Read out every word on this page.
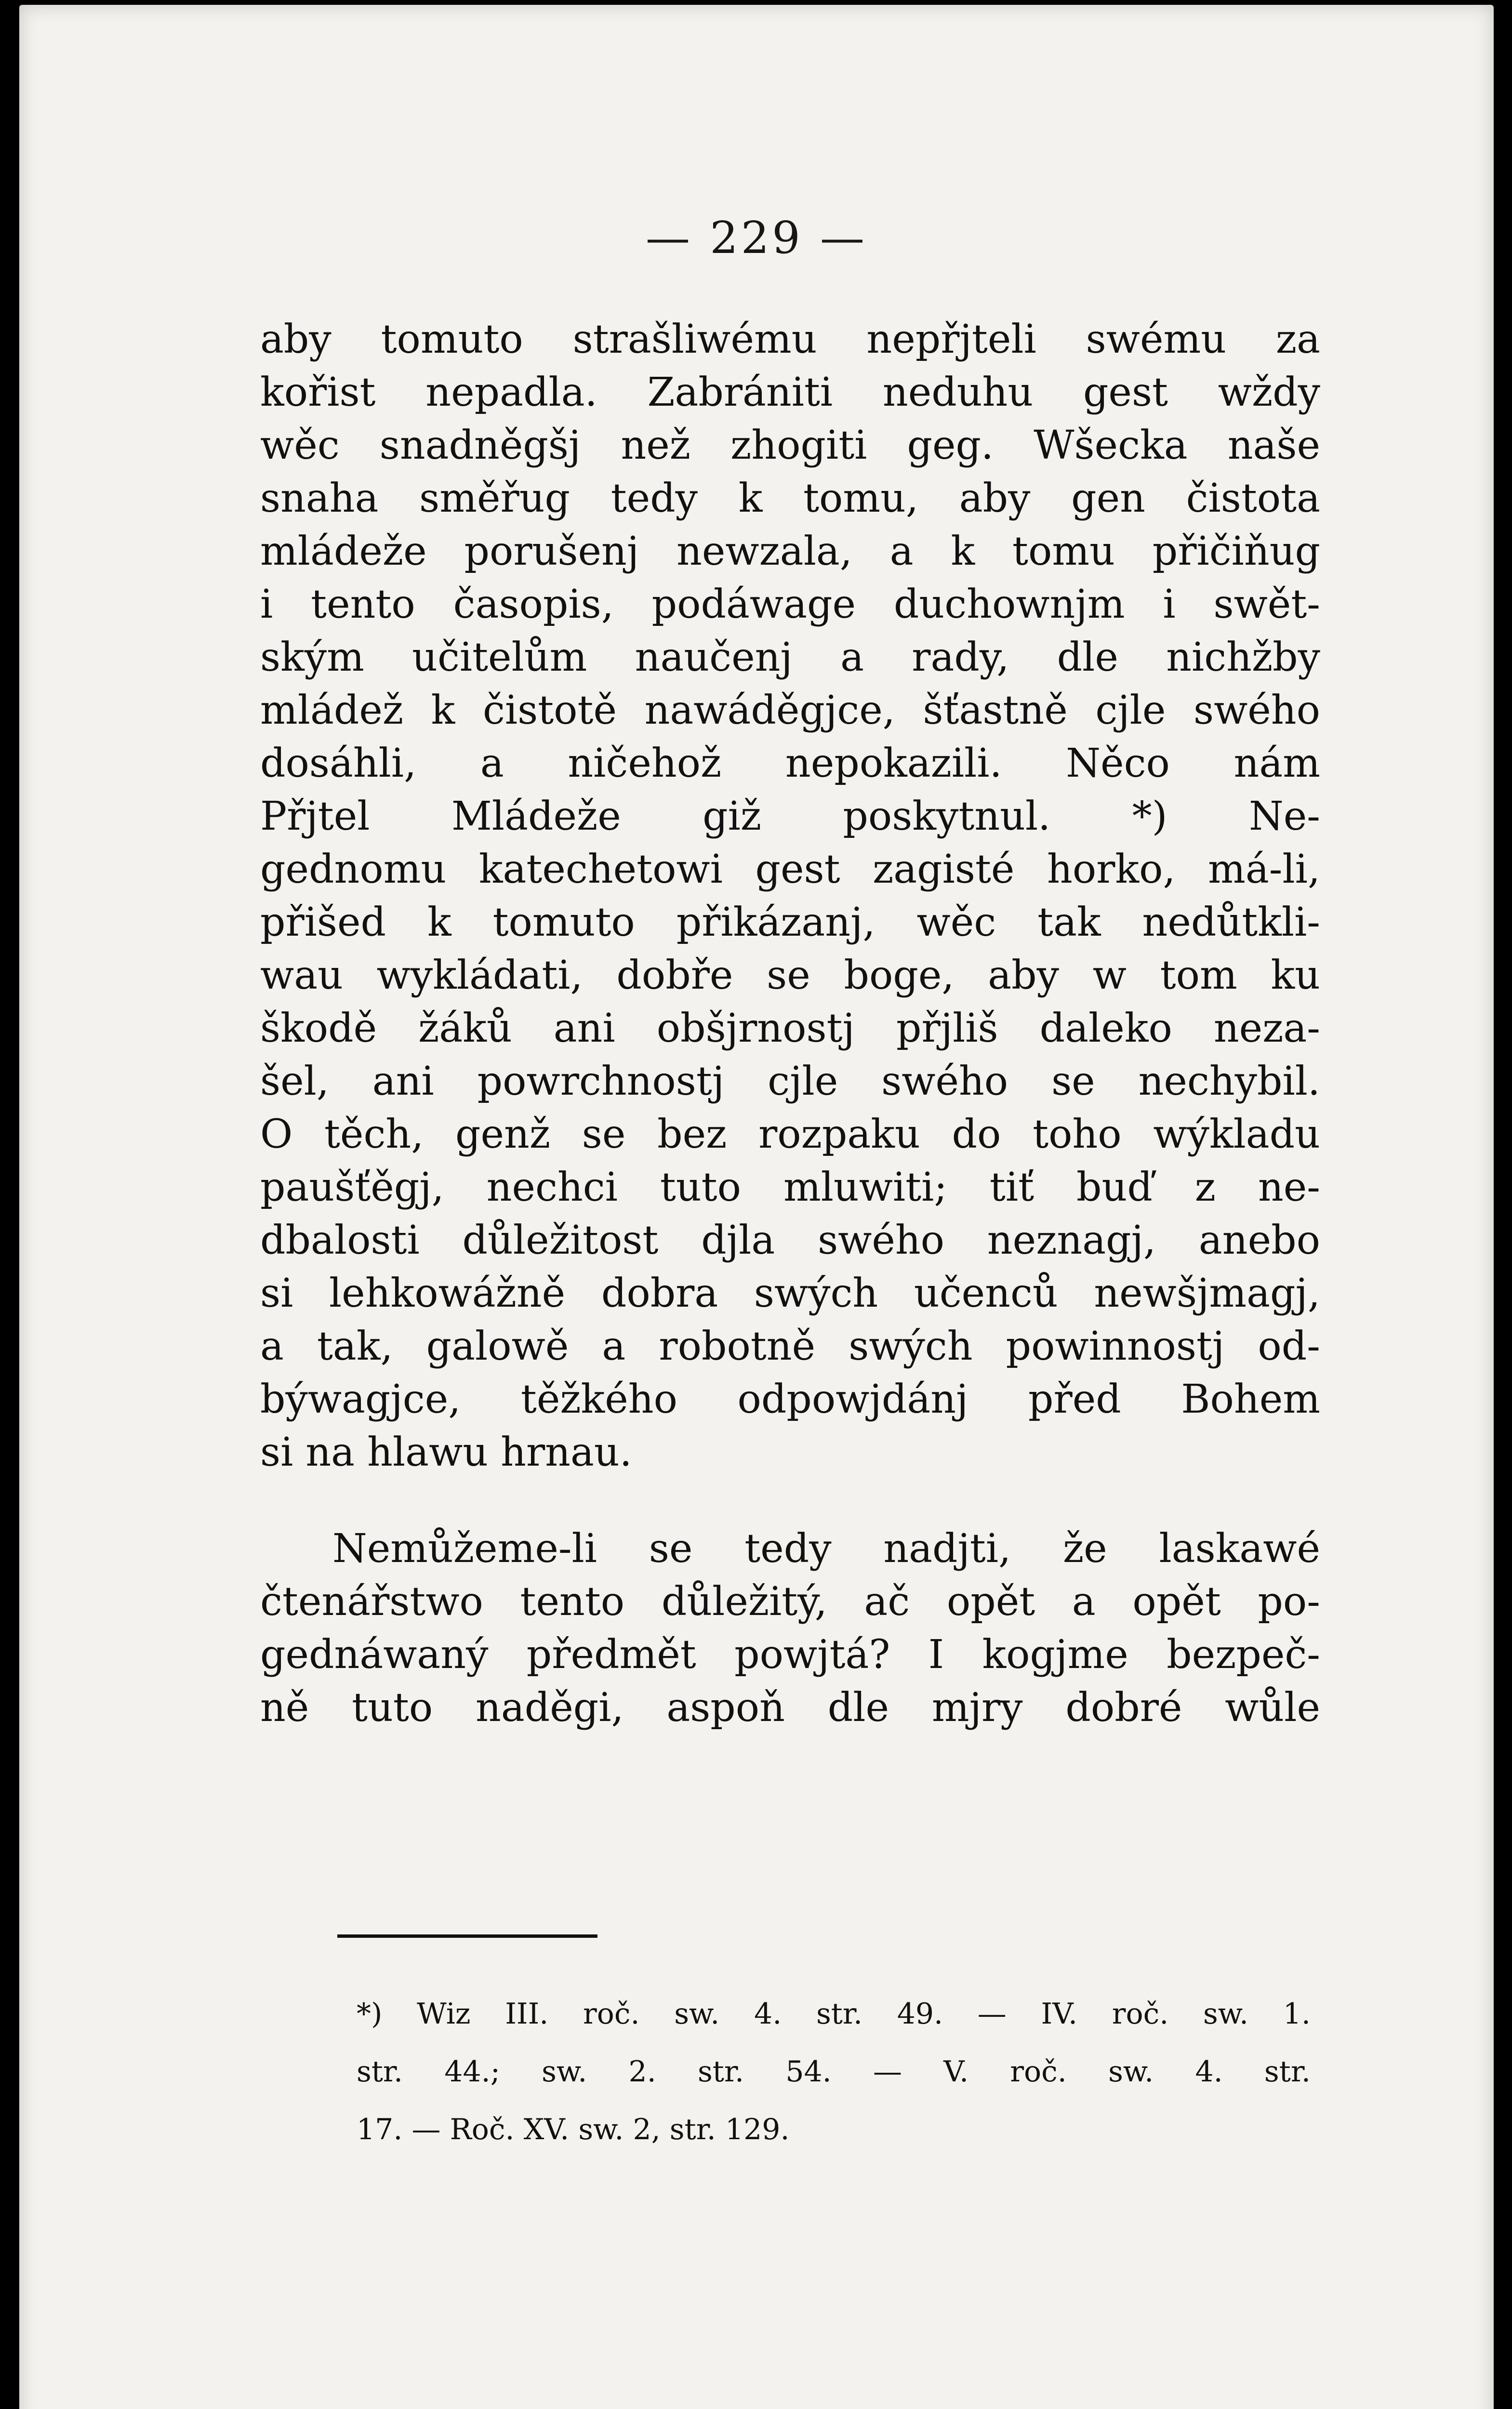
— 229 —
aby tomuto strašliwému nepřjteli swému za
kořist nepadla. Zabrániti neduhu gest wždy
wěc snadněgšj než zhogiti geg. Wšecka naše
snaha směřug tedy k tomu, aby gen čistota
mládeže porušenj newzala, a k tomu přičiňug
i tento časopis, podáwage duchownjm i swět-
ským učitelům naučenj a rady, dle nichžby
mládež k čistotě nawáděgjce, šťastně cjle swého
dosáhli, a ničehož nepokazili. Něco nám
Přjtel Mládeže giž poskytnul. *) Ne-
gednomu katechetowi gest zagisté horko, má-li,
přišed k tomuto přikázanj, wěc tak nedůtkli-
wau wykládati, dobře se boge, aby w tom ku
škodě žáků ani obšjrnostj přjliš daleko neza-
šel, ani powrchnostj cjle swého se nechybil.
O těch, genž se bez rozpaku do toho wýkladu
paušťěgj, nechci tuto mluwiti; tiť buď z ne-
dbalosti důležitost djla swého neznagj, anebo
si lehkowážně dobra swých učenců newšjmagj,
a tak, galowě a robotně swých powinnostj od-
býwagjce, těžkého odpowjdánj před Bohem
si na hlawu hrnau.
Nemůžeme-li se tedy nadjti, že laskawé
čtenářstwo tento důležitý, ač opět a opět po-
gednáwaný předmět powjtá? I kogjme bezpeč-
ně tuto naděgi, aspoň dle mjry dobré wůle
*) Wiz III. roč. sw. 4. str. 49. — IV. roč. sw. 1.
str. 44.; sw. 2. str. 54. — V. roč. sw. 4. str.
17. — Roč. XV. sw. 2, str. 129.
